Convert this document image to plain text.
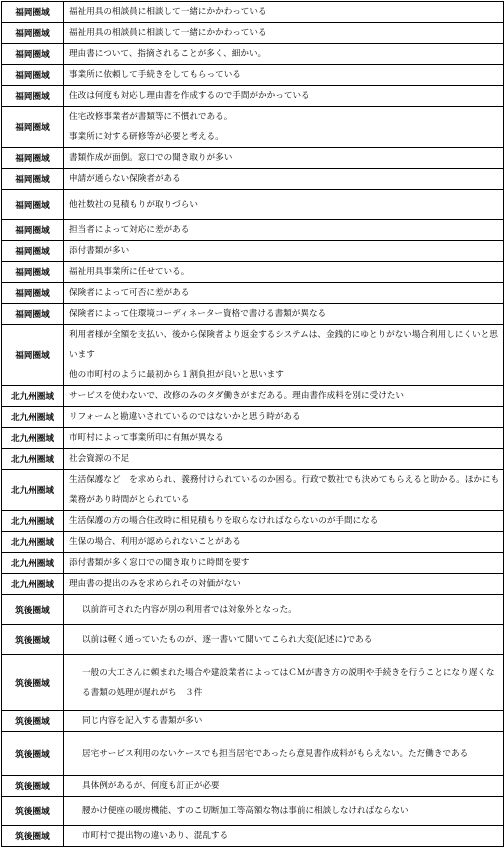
福岡圏域	福祉用具の相談員に相談して一緒にかかわっている

福岡圏域	福祉用具の相談員に相談して一緒にかかわっている

福岡圏域	理由書について、指摘されることが多く、細かい。

福岡圏域	事業所に依頼して手続きをしてもらっている

福岡圏域	住改は何度も対応し理由書を作成するので手間がかかっている

福岡圏域	住宅改修事業者が書類等に不慣れである。
事業所に対する研修等が必要と考える。

福岡圏域	書類作成が面倒。窓口での聞き取りが多い

福岡圏域	申請が通らない保険者がある

福岡圏域	他社数社の見積もりが取りづらい

福岡圏域	担当者によって対応に差がある

福岡圏域	添付書類が多い

福岡圏域	福祉用具事業所に任せている。

福岡圏域	保険者によって可否に差がある

福岡圏域	保険者によって住環境コーディネーター資格で書ける書類が異なる

福岡圏域	利用者様が全額を支払い、後から保険者より返金するシステムは、金銭的にゆとりがない場合利用しにくいと思います
他の市町村のように最初から１割負担が良いと思います

北九州圏域	サービスを使わないで、改修のみのタダ働きがまだある。理由書作成料を別に受けたい

北九州圏域	リフォームと勘違いされているのではないかと思う時がある

北九州圏域	市町村によって事業所印に有無が異なる

北九州圏域	社会資源の不足

北九州圏域	生活保護など　を求められ、義務付けられているのか困る。行政で数社でも決めてもらえると助かる。ほかにも業務があり時間がとられている

北九州圏域	生活保護の方の場合住改時に相見積もりを取らなければならないのが手間になる

北九州圏域	生保の場合、利用が認められないことがある

北九州圏域	添付書類が多く窓口での聞き取りに時間を要す

北九州圏域	理由書の提出のみを求められその対価がない

筑後圏域	以前許可された内容が別の利用者では対象外となった。

筑後圏域	以前は軽く通っていたものが、逐一書いて聞いてこられ大変(記述に)である

筑後圏域	一般の大工さんに頼まれた場合や建設業者によってはＣＭが書き方の説明や手続きを行うことになり遅くなる書類の処理が遅れがち　３件

筑後圏域	同じ内容を記入する書類が多い

筑後圏域	居宅サービス利用のないケースでも担当居宅であったら意見書作成料がもらえない。ただ働きである

筑後圏域	具体例があるが、何度も訂正が必要

筑後圏域	腰かけ便座の暖房機能、すのこ切断加工等高額な物は事前に相談しなければならない

筑後圏域	市町村で提出物の違いあり、混乱する
